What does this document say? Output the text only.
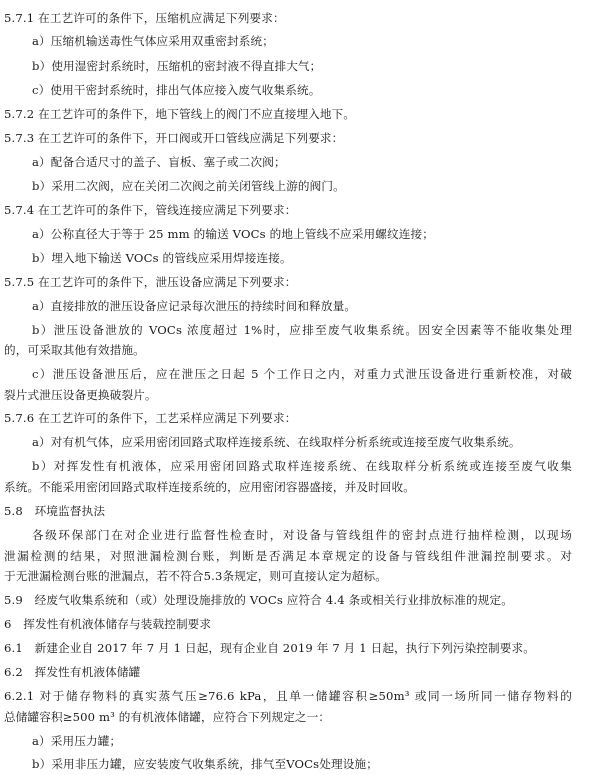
5.7.1 在工艺许可的条件下，压缩机应满足下列要求：
a）压缩机输送毒性气体应采用双重密封系统；
b）使用湿密封系统时，压缩机的密封液不得直排大气；
c）使用干密封系统时，排出气体应接入废气收集系统。
5.7.2 在工艺许可的条件下，地下管线上的阀门不应直接埋入地下。
5.7.3 在工艺许可的条件下，开口阀或开口管线应满足下列要求：
a）配备合适尺寸的盖子、盲板、塞子或二次阀；
b）采用二次阀，应在关闭二次阀之前关闭管线上游的阀门。
5.7.4 在工艺许可的条件下，管线连接应满足下列要求：
a）公称直径大于等于 25 mm 的输送 VOCs 的地上管线不应采用螺纹连接；
b）埋入地下输送 VOCs 的管线应采用焊接连接。
5.7.5 在工艺许可的条件下，泄压设备应满足下列要求：
a）直接排放的泄压设备应记录每次泄压的持续时间和释放量。
b）泄压设备泄放的 VOCs 浓度超过 1%时，应排至废气收集系统。因安全因素等不能收集处理
的，可采取其他有效措施。
c）泄压设备泄压后，应在泄压之日起 5 个工作日之内，对重力式泄压设备进行重新校准，对破
裂片式泄压设备更换破裂片。
5.7.6 在工艺许可的条件下，工艺采样应满足下列要求：
a）对有机气体，应采用密闭回路式取样连接系统、在线取样分析系统或连接至废气收集系统。
b）对挥发性有机液体，应采用密闭回路式取样连接系统、在线取样分析系统或连接至废气收集
系统。不能采用密闭回路式取样连接系统的，应用密闭容器盛接，并及时回收。
5.8　环境监督执法
各级环保部门在对企业进行监督性检查时，对设备与管线组件的密封点进行抽样检测，以现场
泄漏检测的结果，对照泄漏检测台账，判断是否满足本章规定的设备与管线组件泄漏控制要求。对
于无泄漏检测台账的泄漏点，若不符合5.3条规定，则可直接认定为超标。
5.9　经废气收集系统和（或）处理设施排放的 VOCs 应符合 4.4 条或相关行业排放标准的规定。
6　挥发性有机液体储存与装载控制要求
6.1　新建企业自 2017 年 7 月 1 日起，现有企业自 2019 年 7 月 1 日起，执行下列污染控制要求。
6.2　挥发性有机液体储罐
6.2.1 对于储存物料的真实蒸气压≥76.6 kPa，且单一储罐容积≥50m³ 或同一场所同一储存物料的
总储罐容积≥500 m³ 的有机液体储罐，应符合下列规定之一：
a）采用压力罐；
b）采用非压力罐，应安装废气收集系统，排气至VOCs处理设施；
